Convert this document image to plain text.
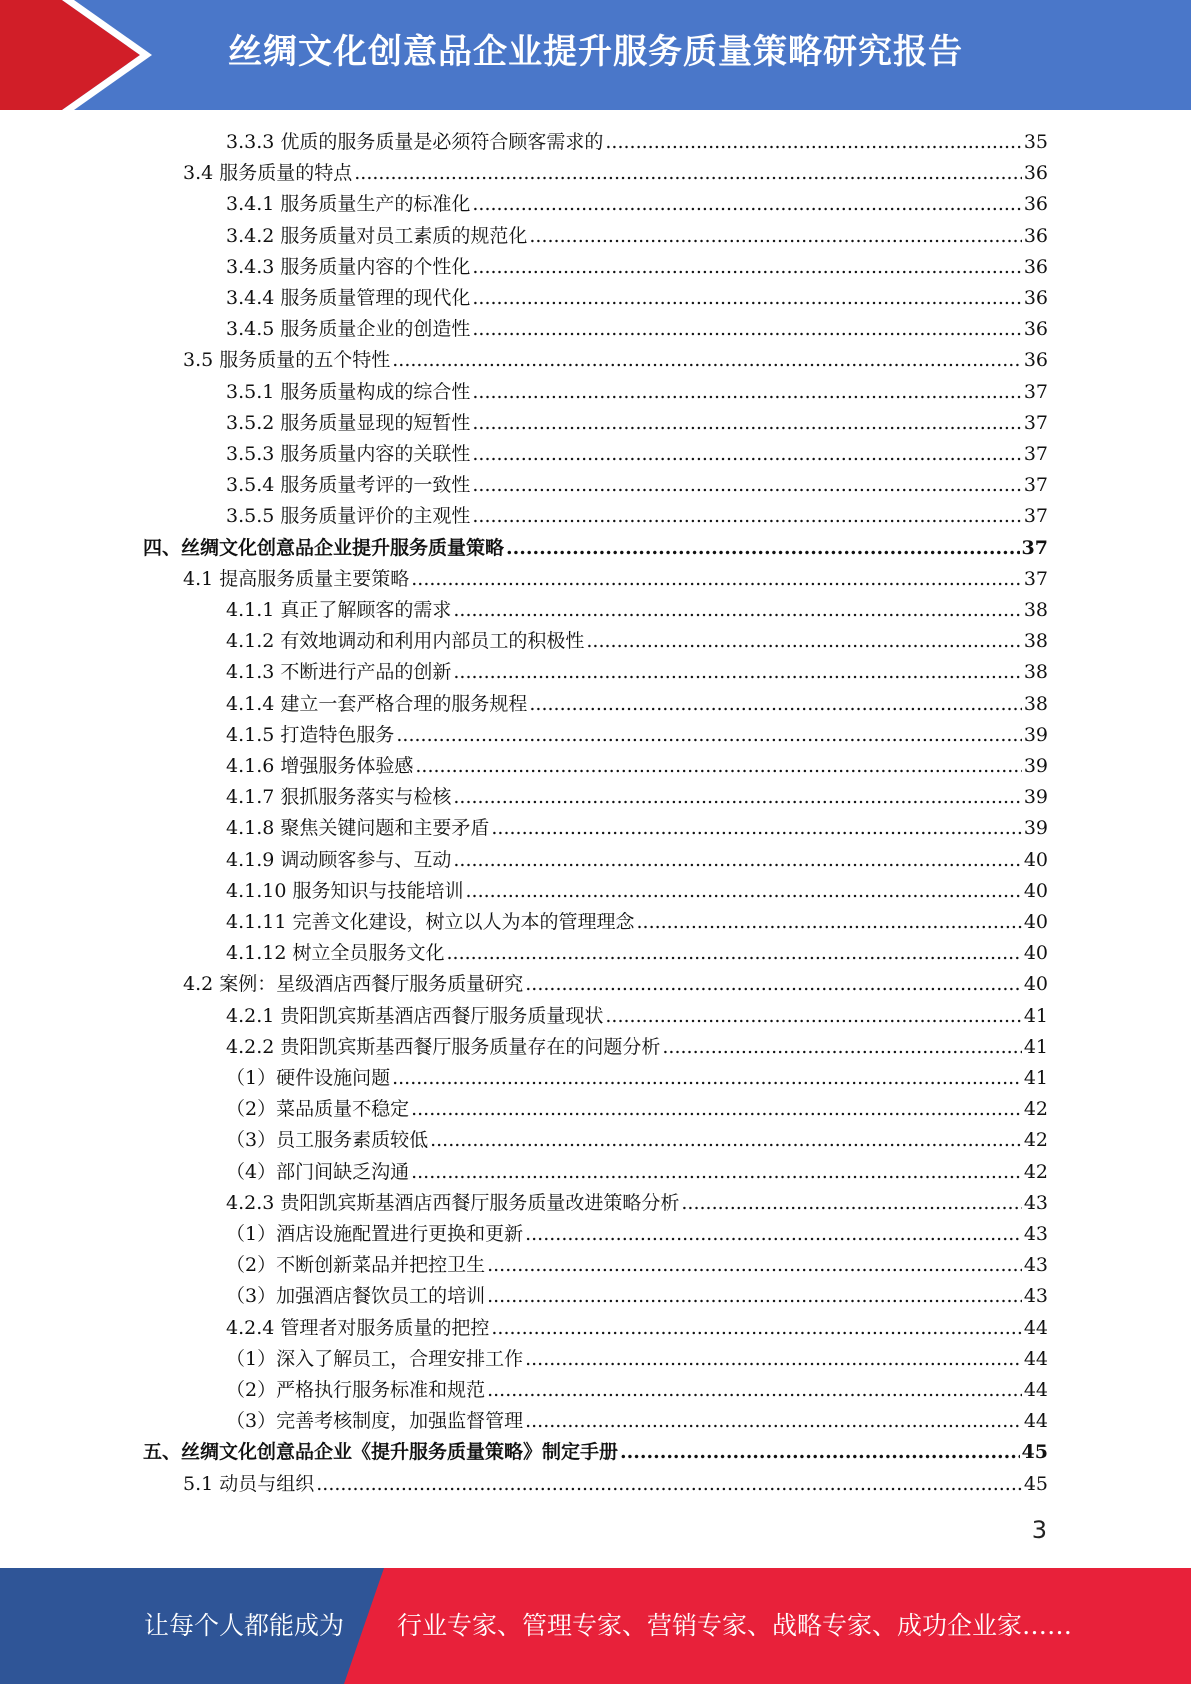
丝绸文化创意品企业提升服务质量策略研究报告
3.3.3 优质的服务质量是必须符合顾客需求的 .....	35
3.4 服务质量的特点 .....	36
3.4.1 服务质量生产的标准化 .....	36
3.4.2 服务质量对员工素质的规范化 .....	36
3.4.3 服务质量内容的个性化 .....	36
3.4.4 服务质量管理的现代化 .....	36
3.4.5 服务质量企业的创造性 .....	36
3.5 服务质量的五个特性 .....	36
3.5.1 服务质量构成的综合性 .....	37
3.5.2 服务质量显现的短暂性 .....	37
3.5.3 服务质量内容的关联性 .....	37
3.5.4 服务质量考评的一致性 .....	37
3.5.5 服务质量评价的主观性 .....	37
四、丝绸文化创意品企业提升服务质量策略 .....	37
4.1 提高服务质量主要策略 .....	37
4.1.1 真正了解顾客的需求 .....	38
4.1.2 有效地调动和利用内部员工的积极性 .....	38
4.1.3 不断进行产品的创新 .....	38
4.1.4 建立一套严格合理的服务规程 .....	38
4.1.5 打造特色服务 .....	39
4.1.6 增强服务体验感 .....	39
4.1.7 狠抓服务落实与检核 .....	39
4.1.8 聚焦关键问题和主要矛盾 .....	39
4.1.9 调动顾客参与、互动 .....	40
4.1.10 服务知识与技能培训 .....	40
4.1.11 完善文化建设，树立以人为本的管理理念 .....	40
4.1.12 树立全员服务文化 .....	40
4.2 案例：星级酒店西餐厅服务质量研究 .....	40
4.2.1 贵阳凯宾斯基酒店西餐厅服务质量现状 .....	41
4.2.2 贵阳凯宾斯基西餐厅服务质量存在的问题分析 .....	41
（1）硬件设施问题 .....	41
（2）菜品质量不稳定 .....	42
（3）员工服务素质较低 .....	42
（4）部门间缺乏沟通 .....	42
4.2.3 贵阳凯宾斯基酒店西餐厅服务质量改进策略分析 .....	43
（1）酒店设施配置进行更换和更新 .....	43
（2）不断创新菜品并把控卫生 .....	43
（3）加强酒店餐饮员工的培训 .....	43
4.2.4 管理者对服务质量的把控 .....	44
（1）深入了解员工，合理安排工作 .....	44
（2）严格执行服务标准和规范 .....	44
（3）完善考核制度，加强监督管理 .....	44
五、丝绸文化创意品企业《提升服务质量策略》制定手册 .....	45
5.1 动员与组织 .....	45
3
让每个人都能成为 行业专家、管理专家、营销专家、战略专家、成功企业家……
